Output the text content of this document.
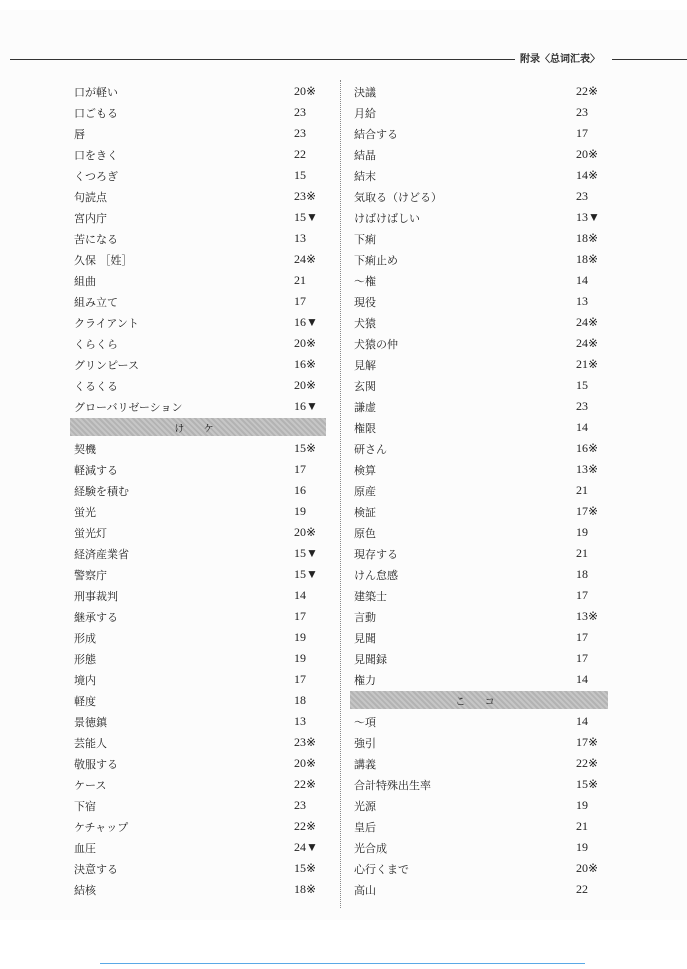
附录〈总词汇表〉
口が軽い	20※
口ごもる	23
唇	23
口をきく	22
くつろぎ	15
句読点	23※
宮内庁	15▼
苦になる	13
久保 ［姓］	24※
組曲	21
組み立て	17
クライアント	16▼
くらくら	20※
グリンピース	16※
くるくる	20※
グローバリゼーション	16▼
け ケ
契機	15※
軽減する	17
経験を積む	16
蛍光	19
蛍光灯	20※
経済産業省	15▼
警察庁	15▼
刑事裁判	14
継承する	17
形成	19
形態	19
境内	17
軽度	18
景徳鎮	13
芸能人	23※
敬服する	20※
ケース	22※
下宿	23
ケチャップ	22※
血圧	24▼
決意する	15※
結核	18※
決議	22※
月給	23
結合する	17
結晶	20※
結末	14※
気取る（けどる）	23
けばけばしい	13▼
下痢	18※
下痢止め	18※
～権	14
現役	13
犬猿	24※
犬猿の仲	24※
見解	21※
玄関	15
謙虚	23
権限	14
研さん	16※
検算	13※
原産	21
検証	17※
原色	19
現存する	21
けん怠感	18
建築士	17
言動	13※
見聞	17
見聞録	17
権力	14
こ コ
～項	14
強引	17※
講義	22※
合計特殊出生率	15※
光源	19
皇后	21
光合成	19
心行くまで	20※
高山	22
